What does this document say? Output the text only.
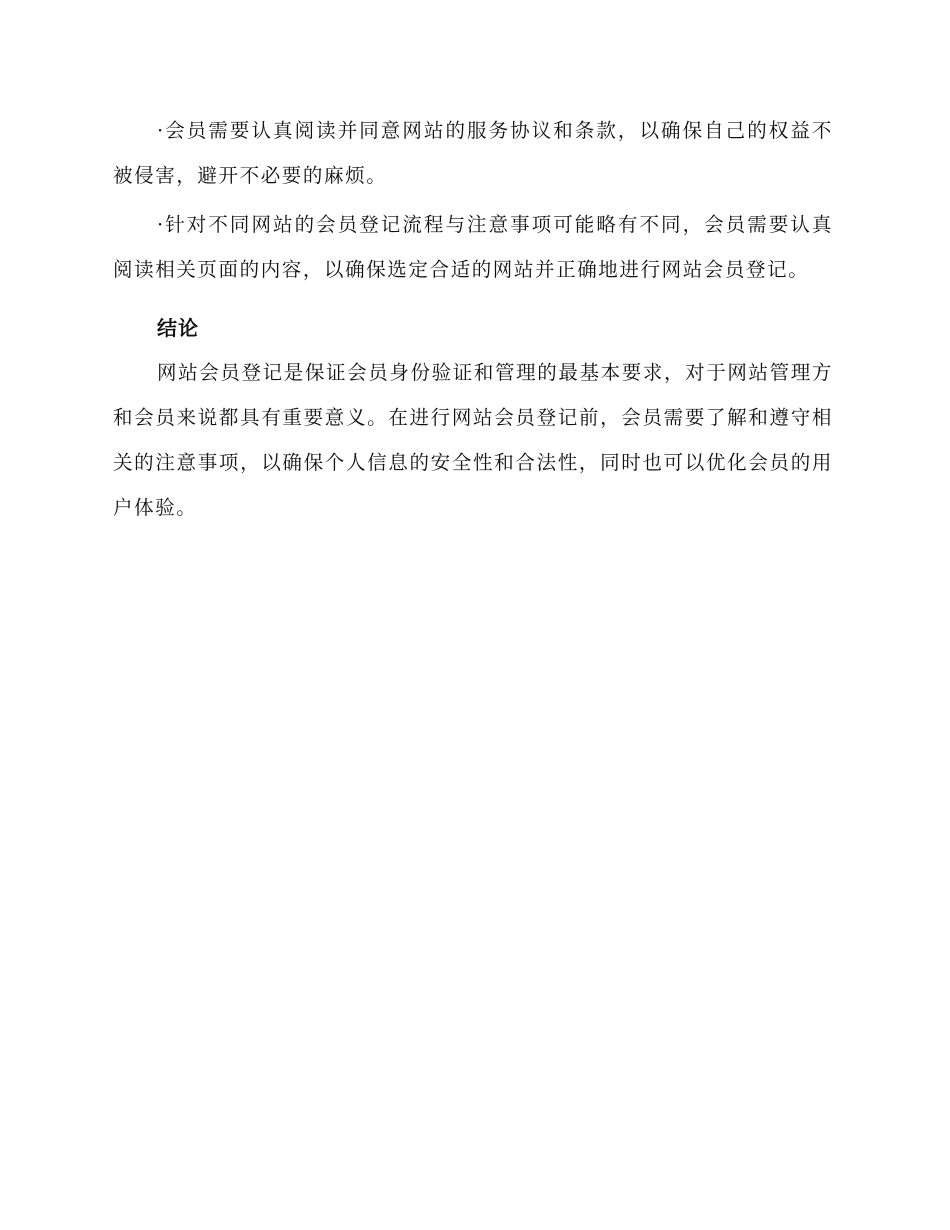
·会员需要认真阅读并同意网站的服务协议和条款，以确保自己的权益不被侵害，避开不必要的麻烦。

·针对不同网站的会员登记流程与注意事项可能略有不同，会员需要认真阅读相关页面的内容，以确保选定合适的网站并正确地进行网站会员登记。

结论

网站会员登记是保证会员身份验证和管理的最基本要求，对于网站管理方和会员来说都具有重要意义。在进行网站会员登记前，会员需要了解和遵守相关的注意事项，以确保个人信息的安全性和合法性，同时也可以优化会员的用户体验。
